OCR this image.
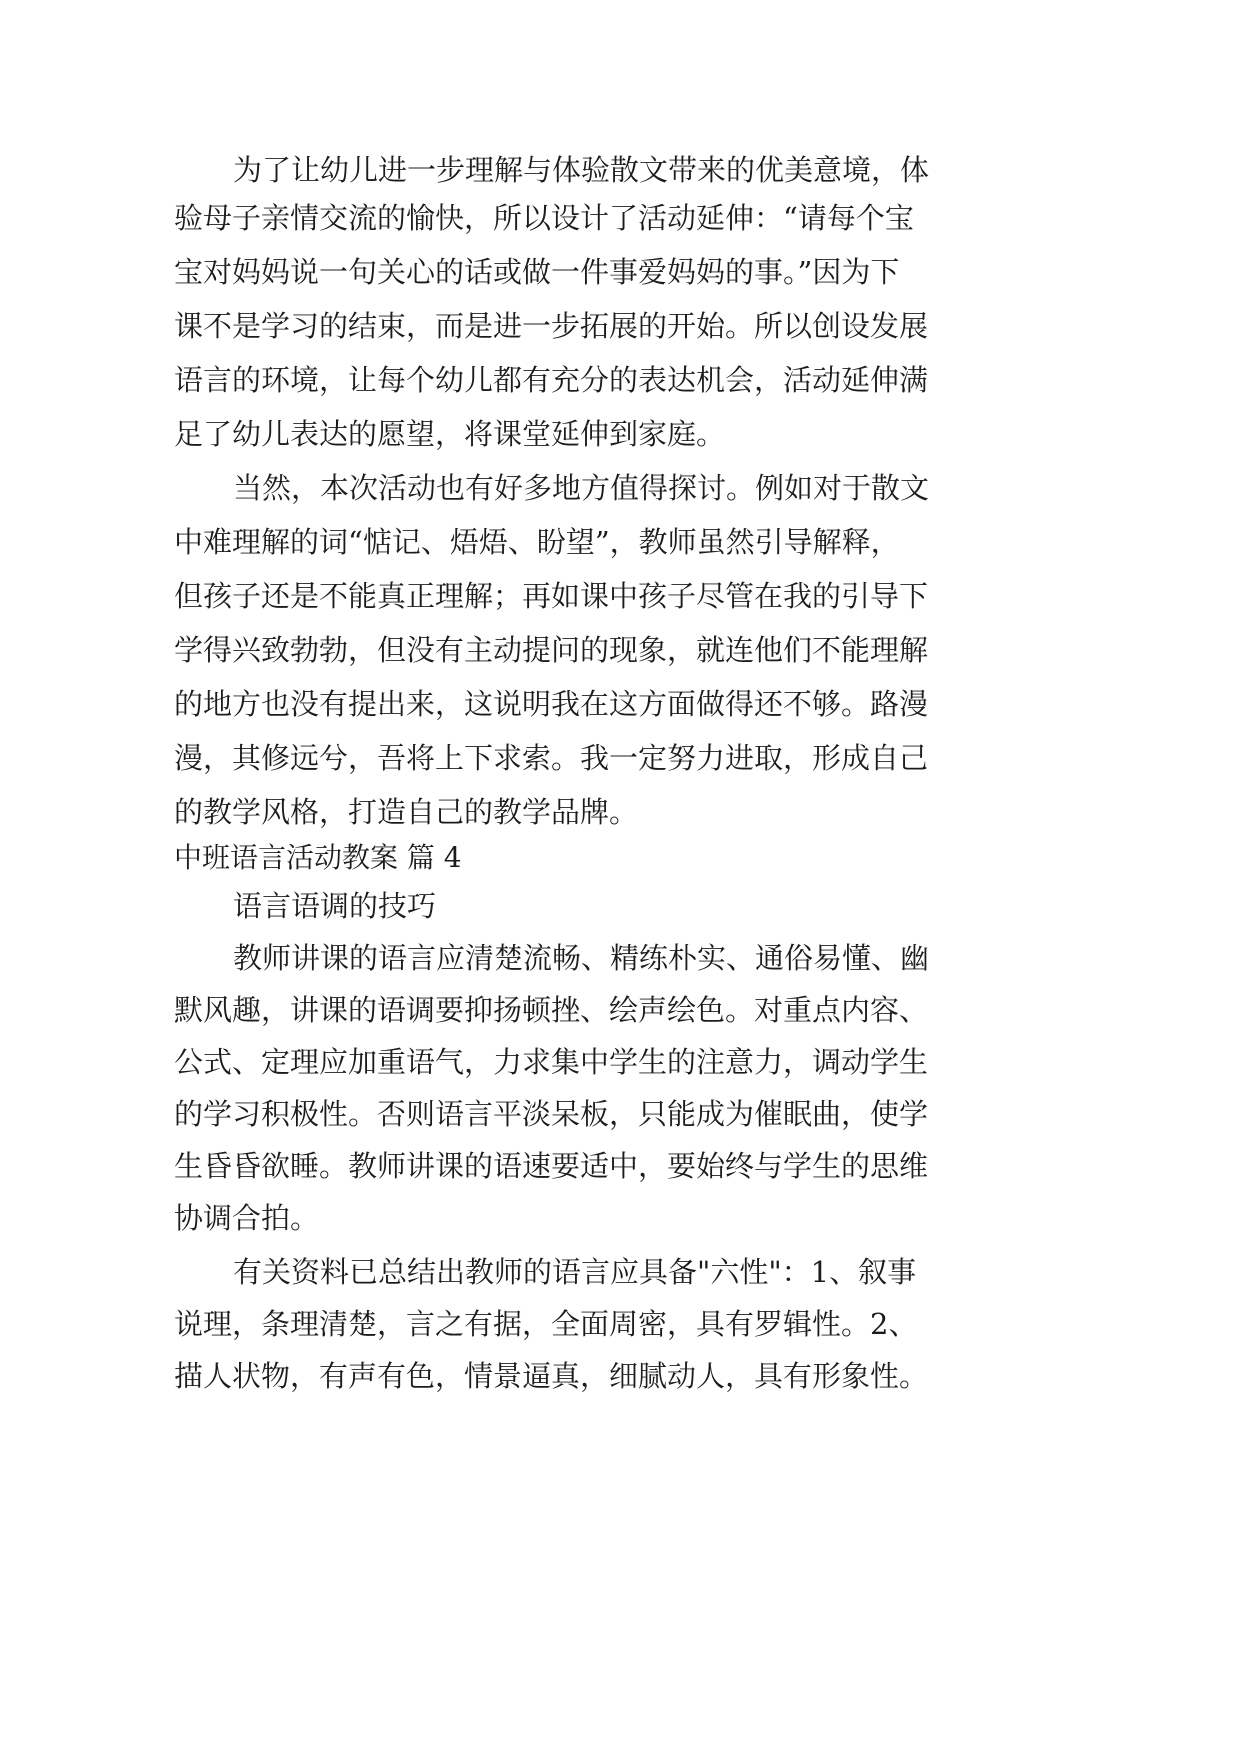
为了让幼儿进一步理解与体验散文带来的优美意境，体

验母子亲情交流的愉快，所以设计了活动延伸：“请每个宝

宝对妈妈说一句关心的话或做一件事爱妈妈的事。”因为下

课不是学习的结束，而是进一步拓展的开始。所以创设发展

语言的环境，让每个幼儿都有充分的表达机会，活动延伸满

足了幼儿表达的愿望，将课堂延伸到家庭。

当然，本次活动也有好多地方值得探讨。例如对于散文

中难理解的词“惦记、焐焐、盼望”，教师虽然引导解释，

但孩子还是不能真正理解；再如课中孩子尽管在我的引导下

学得兴致勃勃，但没有主动提问的现象，就连他们不能理解

的地方也没有提出来，这说明我在这方面做得还不够。路漫

漫，其修远兮，吾将上下求索。我一定努力进取，形成自己

的教学风格，打造自己的教学品牌。

中班语言活动教案 篇 4

语言语调的技巧

教师讲课的语言应清楚流畅、精练朴实、通俗易懂、幽

默风趣，讲课的语调要抑扬顿挫、绘声绘色。对重点内容、

公式、定理应加重语气，力求集中学生的注意力，调动学生

的学习积极性。否则语言平淡呆板，只能成为催眠曲，使学

生昏昏欲睡。教师讲课的语速要适中，要始终与学生的思维

协调合拍。

有关资料已总结出教师的语言应具备"六性"：1、叙事

说理，条理清楚，言之有据，全面周密，具有罗辑性。2、

描人状物，有声有色，情景逼真，细腻动人，具有形象性。
